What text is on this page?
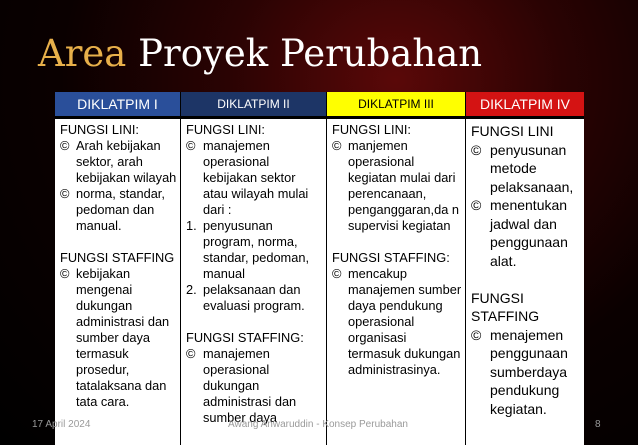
Area Proyek Perubahan
DIKLATPIM I
FUNGSI LINI:
© Arah kebijakan sektor, arah kebijakan wilayah
© norma, standar, pedoman dan manual.
FUNGSI STAFFING
© kebijakan mengenai dukungan administrasi dan sumber daya termasuk prosedur, tatalaksana dan tata cara.
DIKLATPIM II
FUNGSI LINI:
© manajemen operasional kebijakan sektor atau wilayah mulai dari :
1. penyusunan program, norma, standar, pedoman, manual
2. pelaksanaan dan evaluasi program.
FUNGSI STAFFING:
© manajemen operasional dukungan administrasi dan sumber daya
DIKLATPIM III
FUNGSI LINI:
© manjemen operasional kegiatan mulai dari perencanaan, penganggaran,da n supervisi kegiatan
FUNGSI STAFFING:
© mencakup manajemen sumber daya pendukung operasional organisasi termasuk dukungan administrasinya.
DIKLATPIM IV
FUNGSI LINI
© penyusunan metode pelaksanaan,
© menentukan jadwal dan penggunaan alat.
FUNGSI STAFFING
© menajemen penggunaan sumberdaya pendukung kegiatan.
17 April 2024	Awang Anwaruddin - Konsep Perubahan	8
